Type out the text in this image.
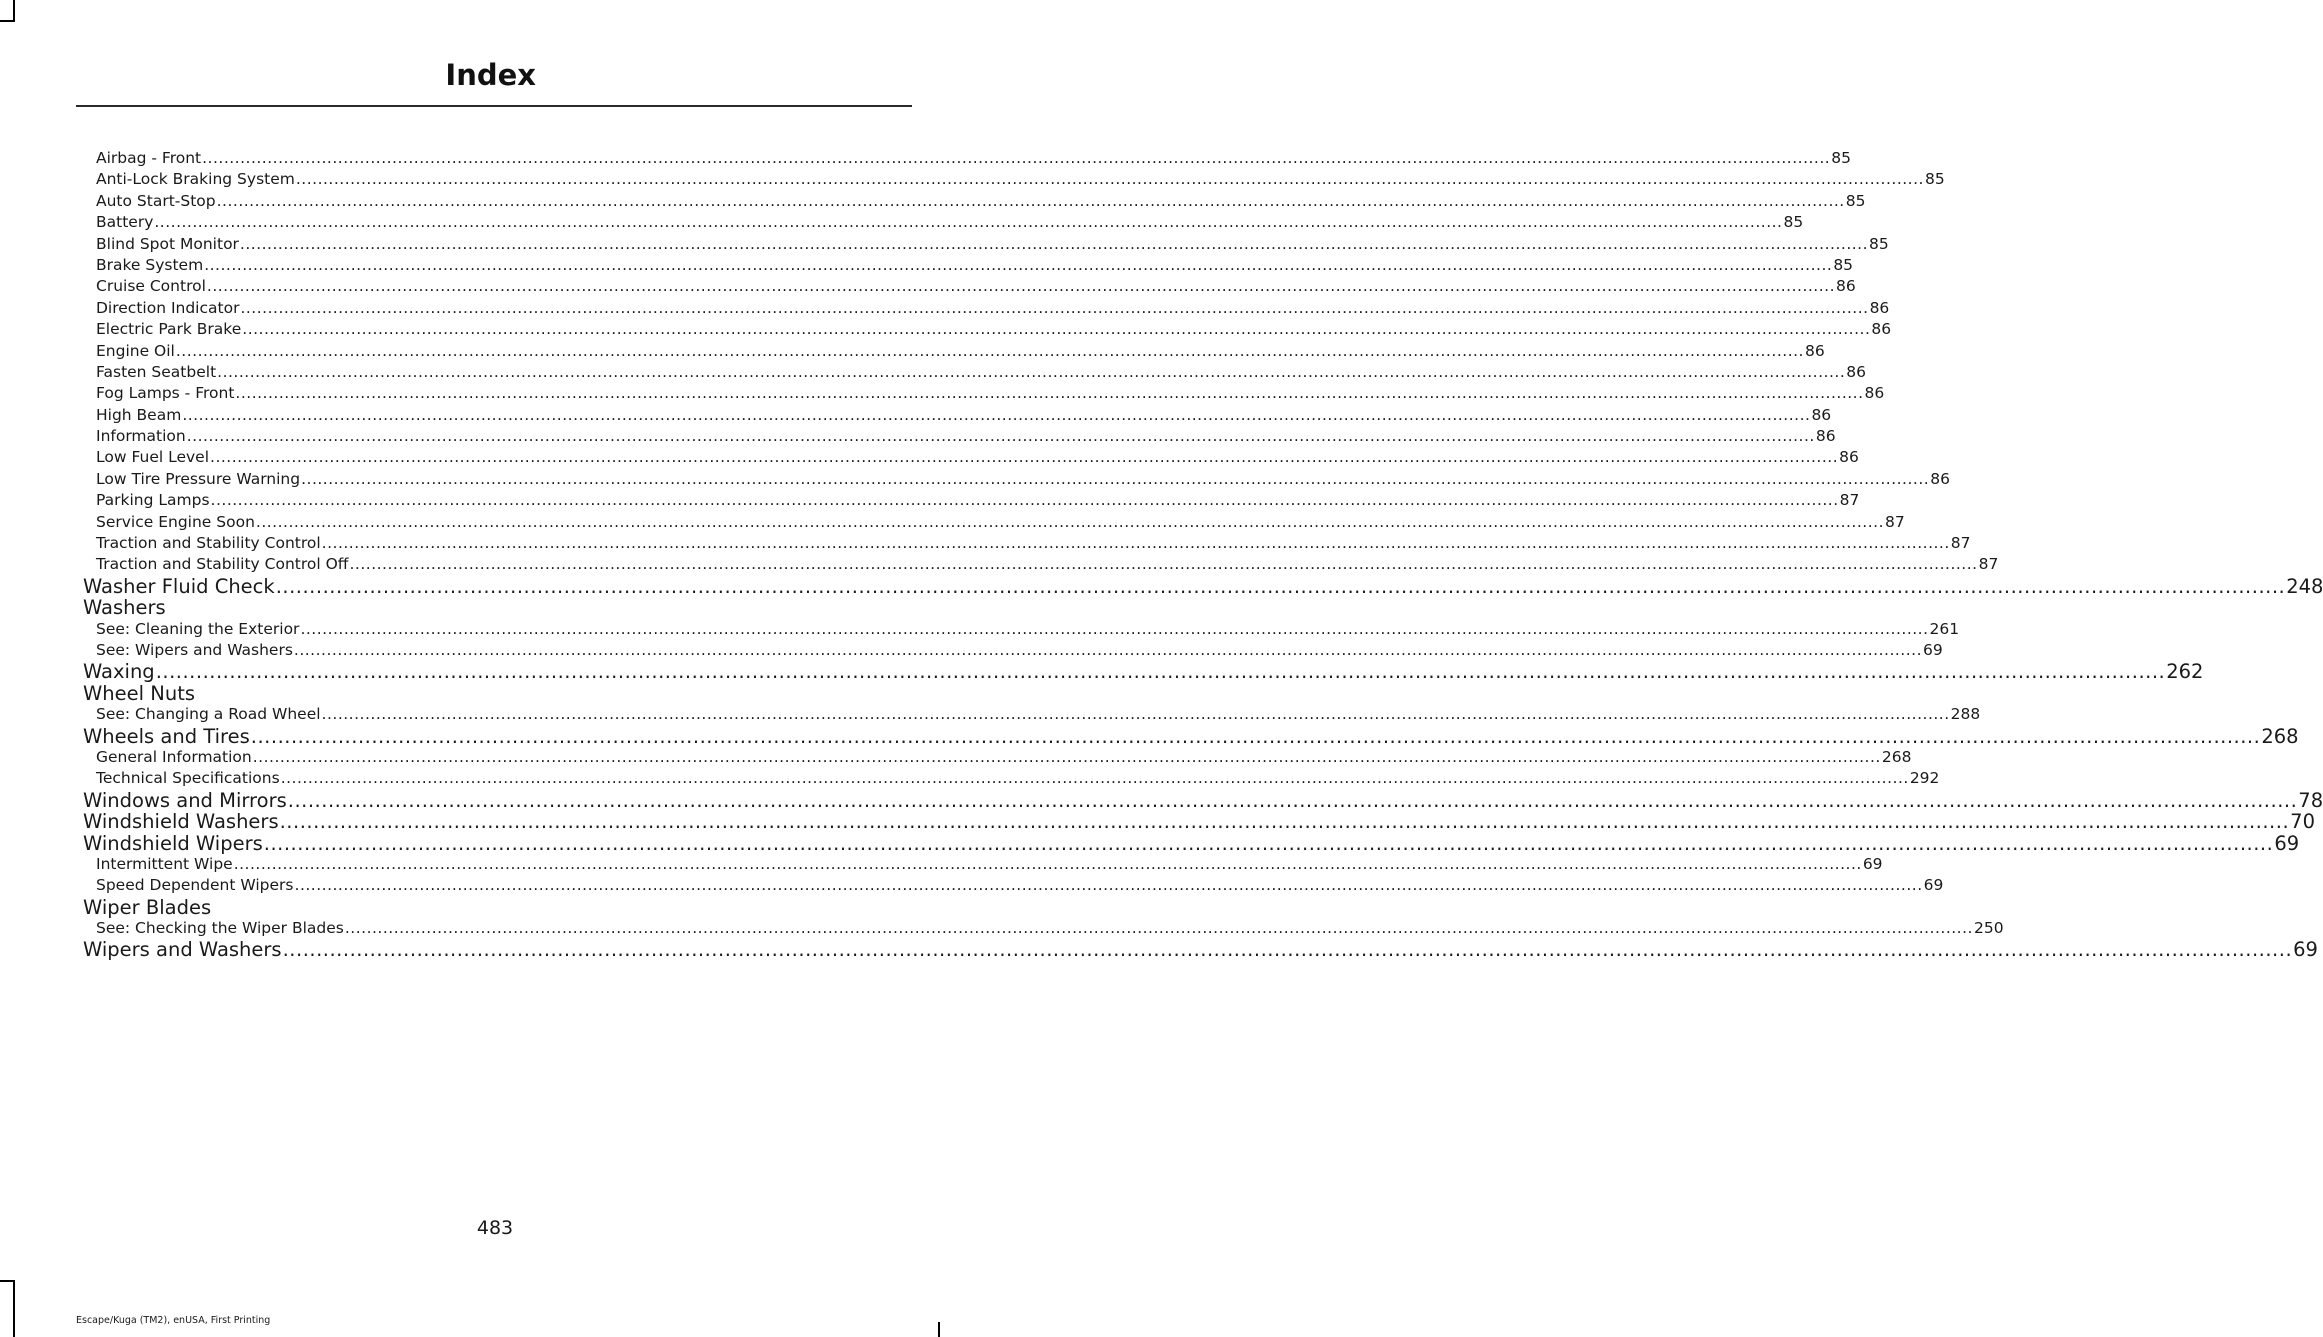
Index
Airbag - Front ............................................................................................................................................................................................................................................................................................................ 85
Anti-Lock Braking System ............................................................................................................................................................................................................................................................................................................ 85
Auto Start-Stop ............................................................................................................................................................................................................................................................................................................ 85
Battery ............................................................................................................................................................................................................................................................................................................ 85
Blind Spot Monitor ............................................................................................................................................................................................................................................................................................................ 85
Brake System ............................................................................................................................................................................................................................................................................................................ 85
Cruise Control ............................................................................................................................................................................................................................................................................................................ 86
Direction Indicator ............................................................................................................................................................................................................................................................................................................ 86
Electric Park Brake ............................................................................................................................................................................................................................................................................................................ 86
Engine Oil ............................................................................................................................................................................................................................................................................................................ 86
Fasten Seatbelt ............................................................................................................................................................................................................................................................................................................ 86
Fog Lamps - Front ............................................................................................................................................................................................................................................................................................................ 86
High Beam ............................................................................................................................................................................................................................................................................................................ 86
Information ............................................................................................................................................................................................................................................................................................................ 86
Low Fuel Level ............................................................................................................................................................................................................................................................................................................ 86
Low Tire Pressure Warning ............................................................................................................................................................................................................................................................................................................ 86
Parking Lamps ............................................................................................................................................................................................................................................................................................................ 87
Service Engine Soon ............................................................................................................................................................................................................................................................................................................ 87
Traction and Stability Control ............................................................................................................................................................................................................................................................................................................ 87
Traction and Stability Control Off ............................................................................................................................................................................................................................................................................................................ 87
Washer Fluid Check ............................................................................................................................................................................................................................................................................................................ 248
Washers
See: Cleaning the Exterior ............................................................................................................................................................................................................................................................................................................ 261
See: Wipers and Washers ............................................................................................................................................................................................................................................................................................................ 69
Waxing ............................................................................................................................................................................................................................................................................................................ 262
Wheel Nuts
See: Changing a Road Wheel ............................................................................................................................................................................................................................................................................................................ 288
Wheels and Tires ............................................................................................................................................................................................................................................................................................................ 268
General Information ............................................................................................................................................................................................................................................................................................................ 268
Technical Specifications ............................................................................................................................................................................................................................................................................................................ 292
Windows and Mirrors ............................................................................................................................................................................................................................................................................................................ 78
Windshield Washers ............................................................................................................................................................................................................................................................................................................ 70
Windshield Wipers ............................................................................................................................................................................................................................................................................................................ 69
Intermittent Wipe ............................................................................................................................................................................................................................................................................................................ 69
Speed Dependent Wipers ............................................................................................................................................................................................................................................................................................................ 69
Wiper Blades
See: Checking the Wiper Blades ............................................................................................................................................................................................................................................................................................................ 250
Wipers and Washers ............................................................................................................................................................................................................................................................................................................ 69
483
Escape/Kuga (TM2), enUSA, First Printing
